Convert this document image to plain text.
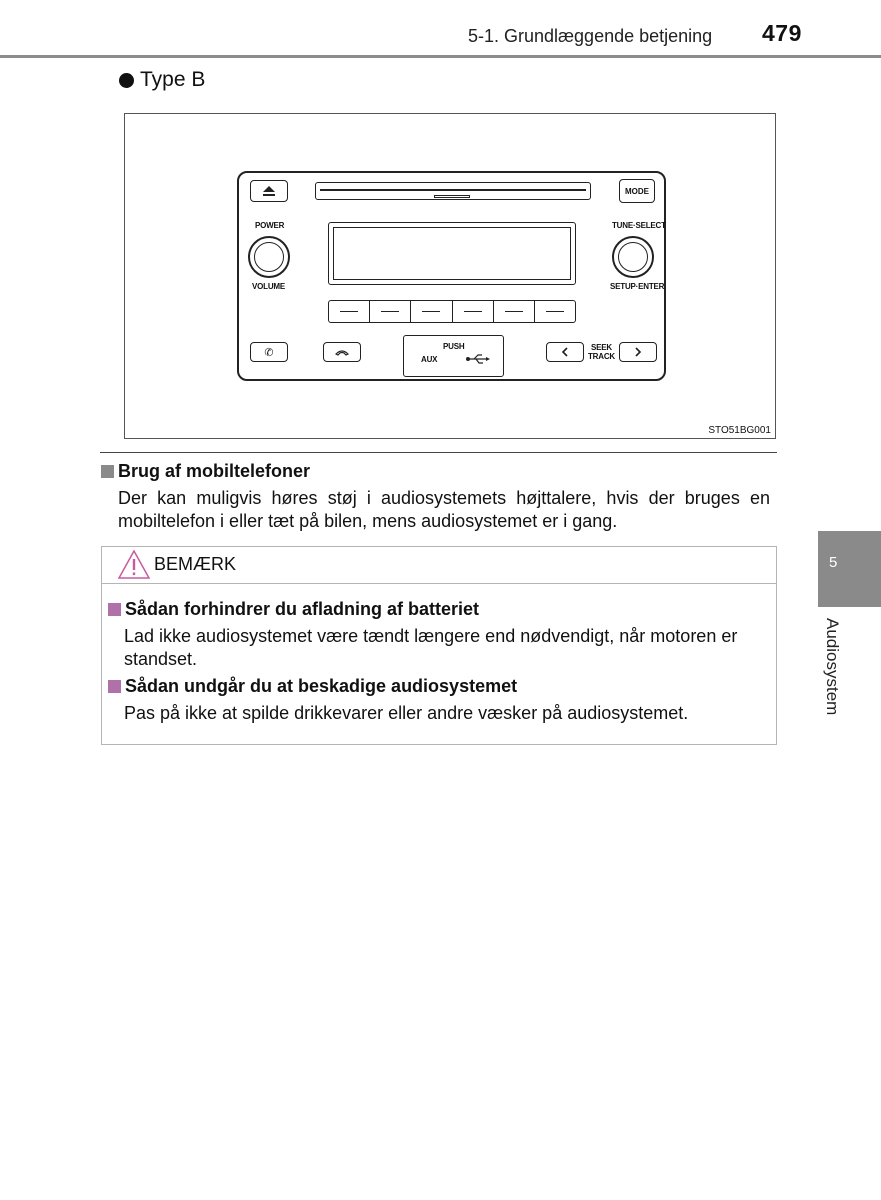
5-1. Grundlæggende betjening 479
Type B
MODE
POWER
VOLUME
TUNE·SELECT
SETUP·ENTER
✆	PUSH
AUX
SEEK
TRACK
STO51BG001
Brug af mobiltelefoner
Der kan muligvis høres støj i audiosystemets højttalere, hvis der bruges en mobiltelefon i eller tæt på bilen, mens audiosystemet er i gang.
BEMÆRK
Sådan forhindrer du afladning af batteriet
Lad ikke audiosystemet være tændt længere end nødvendigt, når motoren er standset.
Sådan undgår du at beskadige audiosystemet
Pas på ikke at spilde drikkevarer eller andre væsker på audiosystemet.
5
Audiosystem
